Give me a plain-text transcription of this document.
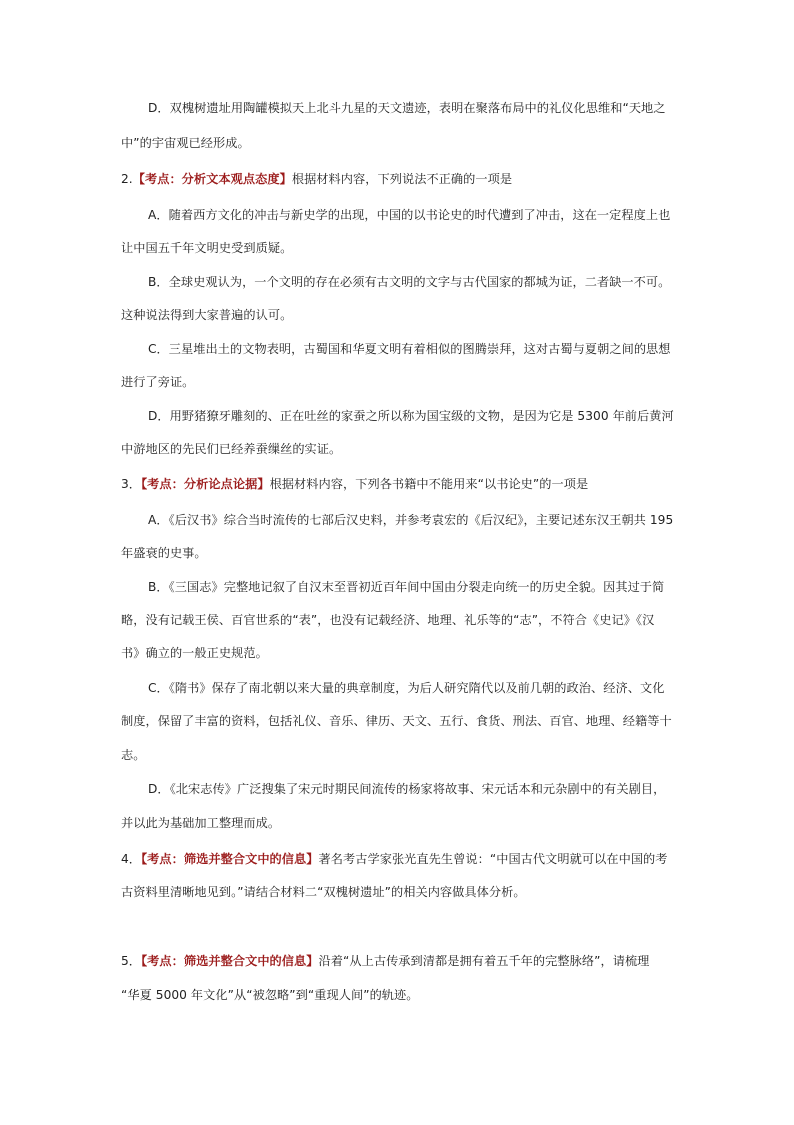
D．双槐树遗址用陶罐模拟天上北斗九星的天文遗迹，表明在聚落布局中的礼仪化思维和“天地之
中”的宇宙观已经形成。
2.【考点：分析文本观点态度】根据材料内容，下列说法不正确的一项是
A．随着西方文化的冲击与新史学的出现，中国的以书论史的时代遭到了冲击，这在一定程度上也
让中国五千年文明史受到质疑。
B．全球史观认为，一个文明的存在必须有古文明的文字与古代国家的都城为证，二者缺一不可。
这种说法得到大家普遍的认可。
C．三星堆出土的文物表明，古蜀国和华夏文明有着相似的图腾崇拜，这对古蜀与夏朝之间的思想
进行了旁证。
D．用野猪獠牙雕刻的、正在吐丝的家蚕之所以称为国宝级的文物，是因为它是 5300 年前后黄河
中游地区的先民们已经养蚕缫丝的实证。
3．【考点：分析论点论据】根据材料内容，下列各书籍中不能用来“以书论史”的一项是
A．《后汉书》综合当时流传的七部后汉史料，并参考袁宏的《后汉纪》，主要记述东汉王朝共 195
年盛衰的史事。
B．《三国志》完整地记叙了自汉末至晋初近百年间中国由分裂走向统一的历史全貌。因其过于简
略，没有记载王侯、百官世系的“表”，也没有记载经济、地理、礼乐等的“志”，不符合《史记》《汉
书》确立的一般正史规范。
C．《隋书》保存了南北朝以来大量的典章制度，为后人研究隋代以及前几朝的政治、经济、文化
制度，保留了丰富的资料，包括礼仪、音乐、律历、天文、五行、食货、刑法、百官、地理、经籍等十
志。
D．《北宋志传》广泛搜集了宋元时期民间流传的杨家将故事、宋元话本和元杂剧中的有关剧目，
并以此为基础加工整理而成。
4．【考点：筛选并整合文中的信息】著名考古学家张光直先生曾说：“中国古代文明就可以在中国的考
古资料里清晰地见到。”请结合材料二“双槐树遗址”的相关内容做具体分析。
5．【考点：筛选并整合文中的信息】沿着“从上古传承到清都是拥有着五千年的完整脉络”，请梳理
“华夏 5000 年文化”从“被忽略”到“重现人间”的轨迹。
